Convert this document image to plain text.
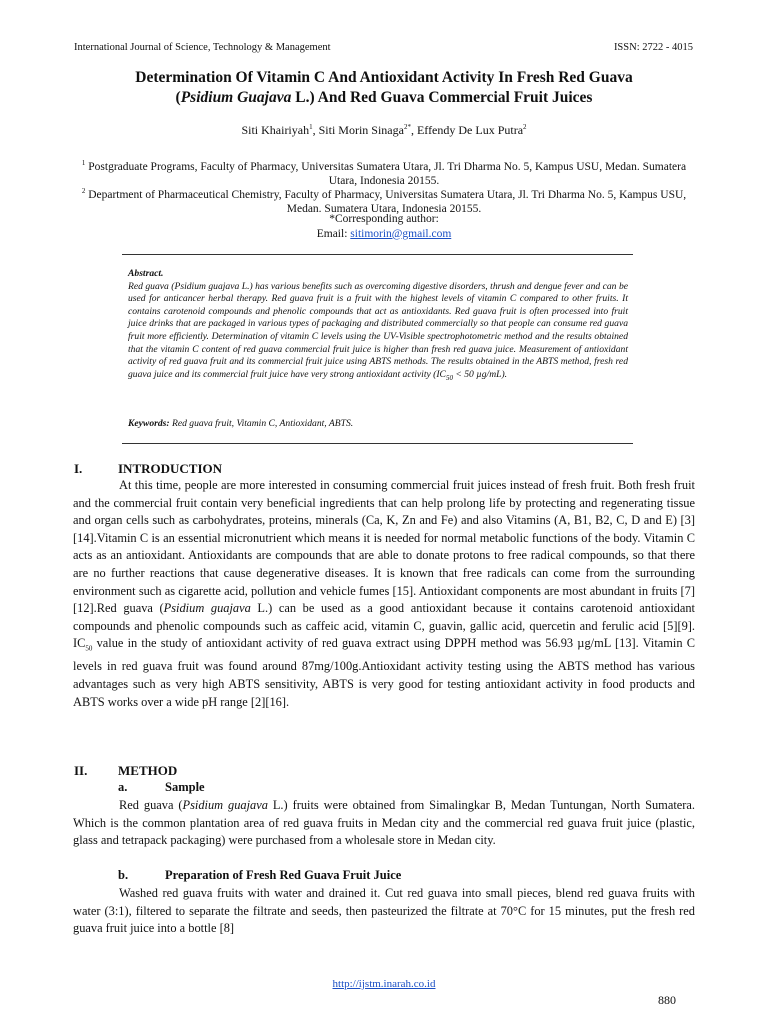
International Journal of Science, Technology & Management	ISSN: 2722 - 4015
Determination Of Vitamin C And Antioxidant Activity In Fresh Red Guava
(Psidium Guajava L.) And Red Guava Commercial Fruit Juices
Siti Khairiyah$^1$, Siti Morin Sinaga$^{2*}$, Effendy De Lux Putra$^2$
$^1$ Postgraduate Programs, Faculty of Pharmacy, Universitas Sumatera Utara, Jl. Tri Dharma No. 5, Kampus USU, Medan. Sumatera Utara, Indonesia 20155.
$^2$ Department of Pharmaceutical Chemistry, Faculty of Pharmacy, Universitas Sumatera Utara, Jl. Tri Dharma No. 5, Kampus USU, Medan. Sumatera Utara, Indonesia 20155.
*Corresponding author:
Email: sitimorin@gmail.com
Abstract.
Red guava (Psidium guajava L.) has various benefits such as overcoming digestive disorders, thrush and dengue fever and can be used for anticancer herbal therapy. Red guava fruit is a fruit with the highest levels of vitamin C compared to other fruits. It contains carotenoid compounds and phenolic compounds that act as antioxidants. Red guava fruit is often processed into fruit juice drinks that are packaged in various types of packaging and distributed commercially so that people can consume red guava fruit more efficiently. Determination of vitamin C levels using the UV-Visible spectrophotometric method and the results obtained that the vitamin C content of red guava commercial fruit juice is higher than fresh red guava juice. Measurement of antioxidant activity of red guava fruit and its commercial fruit juice using ABTS methods. The results obtained in the ABTS method, fresh red guava juice and its commercial fruit juice have very strong antioxidant activity ($IC_{50} < 50$ µg/mL).
Keywords: Red guava fruit, Vitamin C, Antioxidant, ABTS.
I.	INTRODUCTION
At this time, people are more interested in consuming commercial fruit juices instead of fresh fruit. Both fresh fruit and the commercial fruit contain very beneficial ingredients that can help prolong life by protecting and regenerating tissue and organ cells such as carbohydrates, proteins, minerals (Ca, K, Zn and Fe) and also Vitamins (A, B1, B2, C, D and E) [3][14].Vitamin C is an essential micronutrient which means it is needed for normal metabolic functions of the body. Vitamin C acts as an antioxidant. Antioxidants are compounds that are able to donate protons to free radical compounds, so that there are no further reactions that cause degenerative diseases. It is known that free radicals can come from the surrounding environment such as cigarette acid, pollution and vehicle fumes [15]. Antioxidant components are most abundant in fruits [7][12].Red guava (Psidium guajava L.) can be used as a good antioxidant because it contains carotenoid antioxidant compounds and phenolic compounds such as caffeic acid, vitamin C, guavin, gallic acid, quercetin and ferulic acid [5][9]. $IC_{50}$ value in the study of antioxidant activity of red guava extract using DPPH method was 56.93 µg/mL [13]. Vitamin C levels in red guava fruit was found around 87mg/100g.Antioxidant activity testing using the ABTS method has various advantages such as very high ABTS sensitivity, ABTS is very good for testing antioxidant activity in food products and ABTS works over a wide pH range [2][16].
II. METHOD
a.	Sample
Red guava (Psidium guajava L.) fruits were obtained from Simalingkar B, Medan Tuntungan, North Sumatera. Which is the common plantation area of red guava fruits in Medan city and the commercial red guava fruit juice (plastic, glass and tetrapack packaging) were purchased from a wholesale store in Medan city.
b.	Preparation of Fresh Red Guava Fruit Juice
Washed red guava fruits with water and drained it. Cut red guava into small pieces, blend red guava fruits with water (3:1), filtered to separate the filtrate and seeds, then pasteurized the filtrate at 70°C for 15 minutes, put the fresh red guava fruit juice into a bottle [8]
http://ijstm.inarah.co.id
880
